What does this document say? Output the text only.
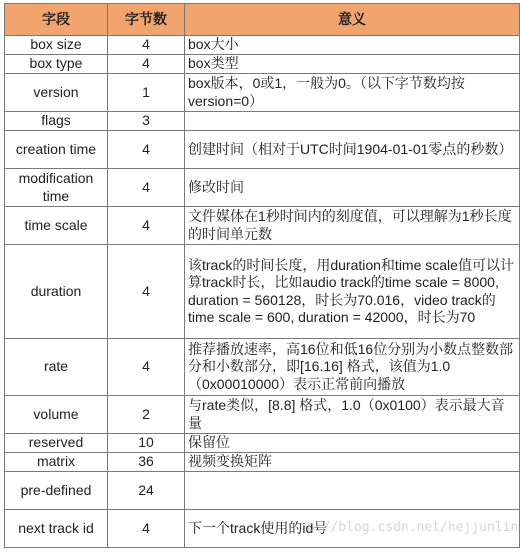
字段	字节数	意义
box size	4	box大小
box type	4	box类型
version	1	box版本，0或1，一般为0。（以下字节数均按version=0）
flags	3	
creation time	4	创建时间（相对于UTC时间1904-01-01零点的秒数）
modification time	4	修改时间
time scale	4	文件媒体在1秒时间内的刻度值，可以理解为1秒长度的时间单元数
duration	4	该track的时间长度，用duration和time scale值可以计算track时长，比如audio track的time scale = 8000, duration = 560128，时长为70.016，video track的time scale = 600, duration = 42000，时长为70
rate	4	推荐播放速率，高16位和低16位分别为小数点整数部分和小数部分，即[16.16] 格式，该值为1.0（0x00010000）表示正常前向播放
volume	2	与rate类似，[8.8] 格式，1.0（0x0100）表示最大音量
reserved	10	保留位
matrix	36	视频变换矩阵
pre-defined	24	
next track id	4	下一个track使用的id号
p://blog.csdn.net/hejjunlin
